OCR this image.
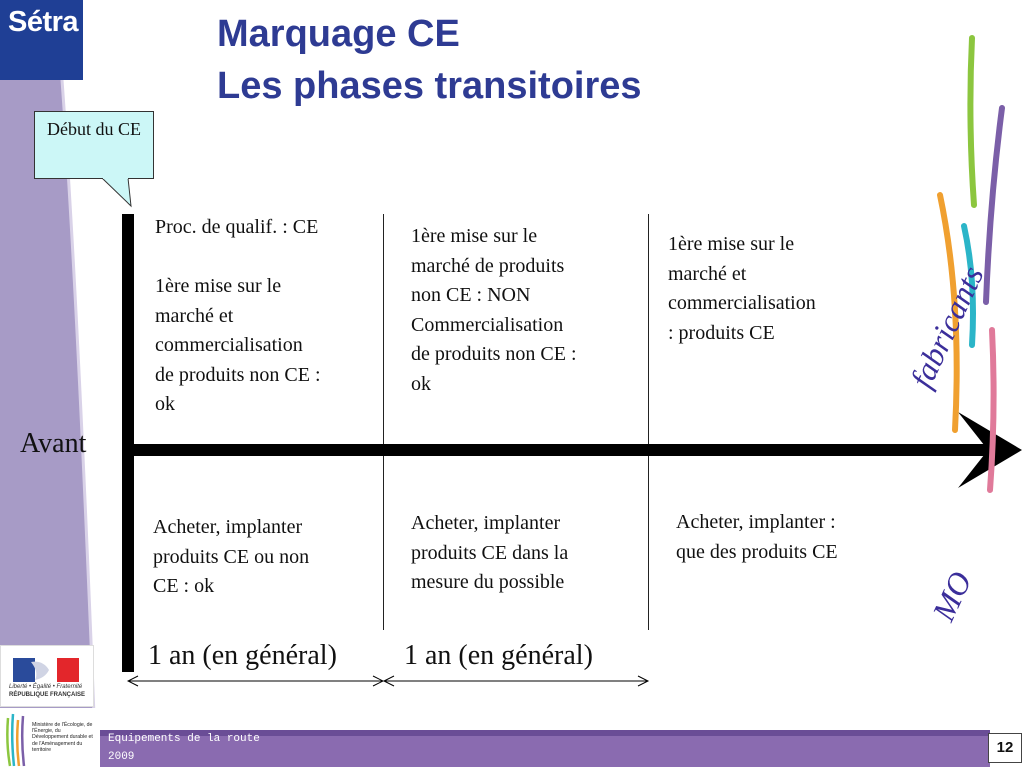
Sétra	Marquage CE
Les phases transitoires
Début du CE
Avant
Proc. de qualif. : CE
1ère mise sur le
marché et
commercialisation
de produits non CE :
ok
1ère mise sur le
marché de produits
non CE : NON
Commercialisation
de produits non CE :
ok
1ère mise sur le
marché et
commercialisation
: produits CE
Acheter, implanter
produits CE ou non
CE : ok
Acheter, implanter
produits CE dans la
mesure du possible
Acheter, implanter :
que des produits CE
1 an (en général) 1 an (en général)
fabricants
MO
Liberté • Égalité • Fraternité
RÉPUBLIQUE FRANÇAISE
Ministère de l'Écologie, de l'Énergie, du Développement durable et de l'Aménagement du territoire
Equipements de la route
2009
12
